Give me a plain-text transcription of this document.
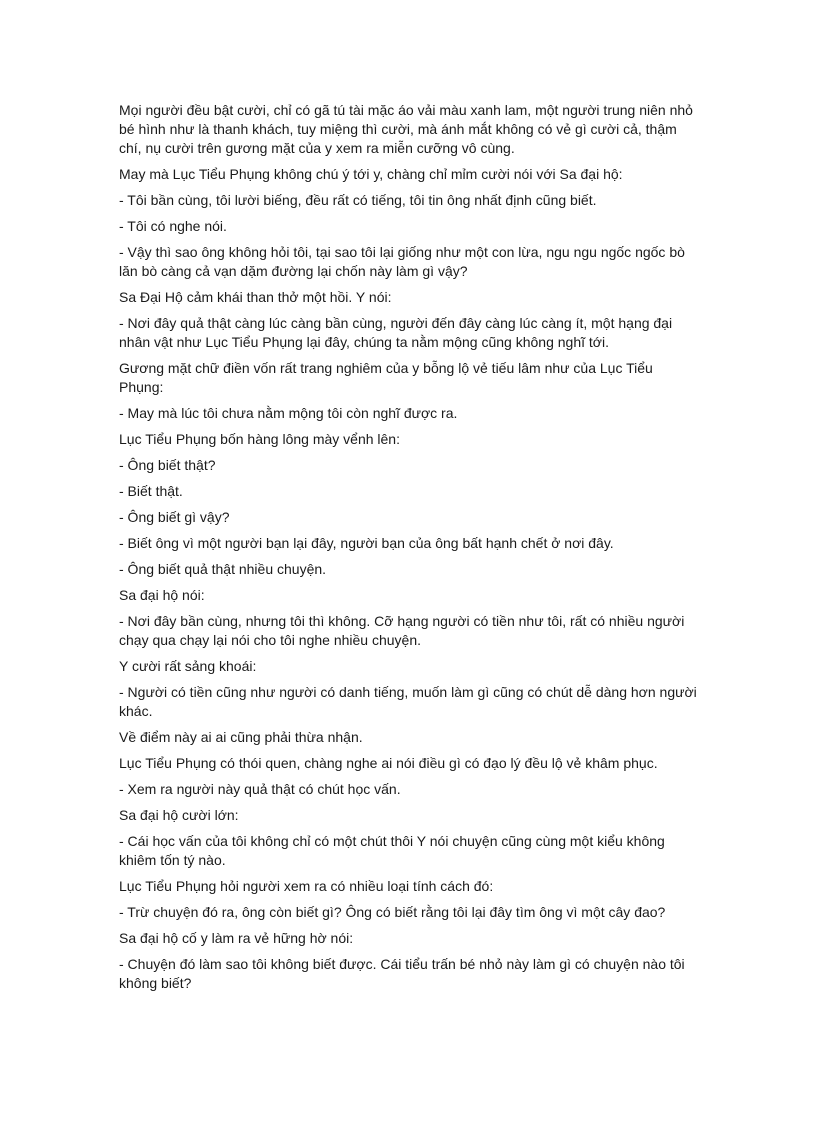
Mọi người đều bật cười, chỉ có gã tú tài mặc áo vải màu xanh lam, một người trung niên nhỏ bé hình như là thanh khách, tuy miệng thì cười, mà ánh mắt không có vẻ gì cười cả, thậm chí, nụ cười trên gương mặt của y xem ra miễn cưỡng vô cùng.

May mà Lục Tiểu Phụng không chú ý tới y, chàng chỉ mỉm cười nói với Sa đại hộ:

- Tôi bần cùng, tôi lười biếng, đều rất có tiếng, tôi tin ông nhất định cũng biết.

- Tôi có nghe nói.

- Vậy thì sao ông không hỏi tôi, tại sao tôi lại giống như một con lừa, ngu ngu ngốc ngốc bò lăn bò càng cả vạn dặm đường lại chốn này làm gì vậy?

Sa Đại Hộ cảm khái than thở một hồi. Y nói:

- Nơi đây quả thật càng lúc càng bần cùng, người đến đây càng lúc càng ít, một hạng đại nhân vật như Lục Tiểu Phụng lại đây, chúng ta nằm mộng cũng không nghĩ tới.

Gương mặt chữ điền vốn rất trang nghiêm của y bỗng lộ vẻ tiếu lâm như của Lục Tiểu Phụng:

- May mà lúc tôi chưa nằm mộng tôi còn nghĩ được ra.

Lục Tiểu Phụng bốn hàng lông mày vểnh lên:

- Ông biết thật?

- Biết thật.

- Ông biết gì vậy?

- Biết ông vì một người bạn lại đây, người bạn của ông bất hạnh chết ở nơi đây.

- Ông biết quả thật nhiều chuyện.

Sa đại hộ nói:

- Nơi đây bần cùng, nhưng tôi thì không. Cỡ hạng người có tiền như tôi, rất có nhiều người chạy qua chạy lại nói cho tôi nghe nhiều chuyện.

Y cười rất sảng khoái:

- Người có tiền cũng như người có danh tiếng, muốn làm gì cũng có chút dễ dàng hơn người khác.

Về điểm này ai ai cũng phải thừa nhận.

Lục Tiểu Phụng có thói quen, chàng nghe ai nói điều gì có đạo lý đều lộ vẻ khâm phục.

- Xem ra người này quả thật có chút học vấn.

Sa đại hộ cười lớn:

- Cái học vấn của tôi không chỉ có một chút thôi Y nói chuyện cũng cùng một kiểu không khiêm tốn tý nào.

Lục Tiểu Phụng hỏi người xem ra có nhiều loại tính cách đó:

- Trừ chuyện đó ra, ông còn biết gì? Ông có biết rằng tôi lại đây tìm ông vì một cây đao?

Sa đại hộ cố y làm ra vẻ hững hờ nói:

- Chuyện đó làm sao tôi không biết được. Cái tiểu trấn bé nhỏ này làm gì có chuyện nào tôi không biết?
